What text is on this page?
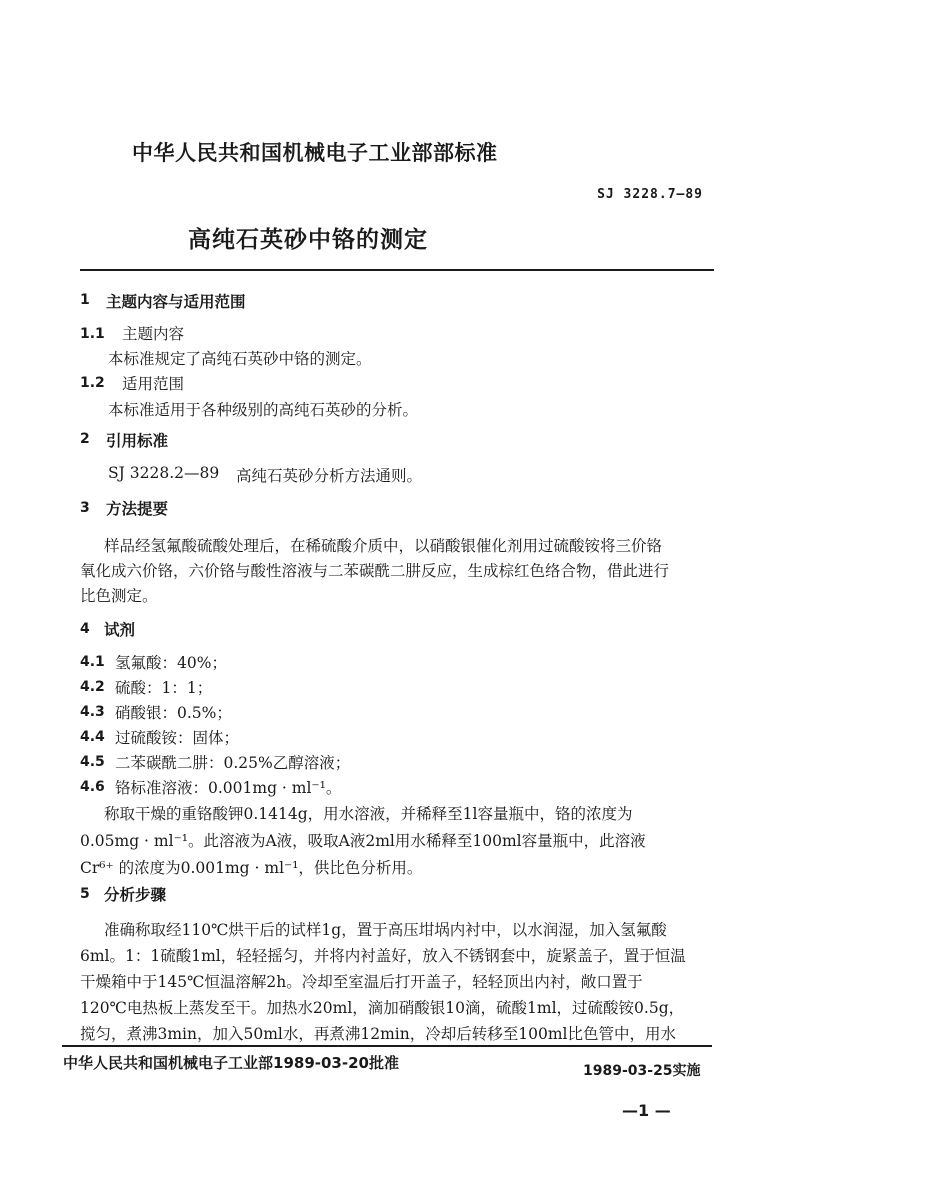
中华人民共和国机械电子工业部部标准
SJ 3228.7—89
高纯石英砂中铬的测定
1 主题内容与适用范围
1.1 主题内容
本标准规定了高纯石英砂中铬的测定。
1.2 适用范围
本标准适用于各种级别的高纯石英砂的分析。
2 引用标准
SJ 3228.2—89 高纯石英砂分析方法通则。
3 方法提要
样品经氢氟酸硫酸处理后，在稀硫酸介质中，以硝酸银催化剂用过硫酸铵将三价铬
氧化成六价铬，六价铬与酸性溶液与二苯碳酰二肼反应，生成棕红色络合物，借此进行
比色测定。
4 试剂
4.1 氢氟酸：40%；
4.2 硫酸：1：1；
4.3 硝酸银：0.5%；
4.4 过硫酸铵：固体；
4.5 二苯碳酰二肼：0.25%乙醇溶液；
4.6 铬标准溶液：0.001mg · ml⁻¹。
称取干燥的重铬酸钾0.1414g，用水溶液，并稀释至1l容量瓶中，铬的浓度为
0.05mg · ml⁻¹。此溶液为A液，吸取A液2ml用水稀释至100ml容量瓶中，此溶液
Cr⁶⁺ 的浓度为0.001mg · ml⁻¹，供比色分析用。
5 分析步骤
准确称取经110℃烘干后的试样1g，置于高压坩埚内衬中，以水润湿，加入氢氟酸
6ml。1：1硫酸1ml，轻轻摇匀，并将内衬盖好，放入不锈钢套中，旋紧盖子，置于恒温
干燥箱中于145℃恒温溶解2h。冷却至室温后打开盖子，轻轻顶出内衬，敞口置于
120℃电热板上蒸发至干。加热水20ml，滴加硝酸银10滴，硫酸1ml，过硫酸铵0.5g，
搅匀，煮沸3min，加入50ml水，再煮沸12min，冷却后转移至100ml比色管中，用水
中华人民共和国机械电子工业部1989-03-20批准	1989-03-25实施
—1 —
